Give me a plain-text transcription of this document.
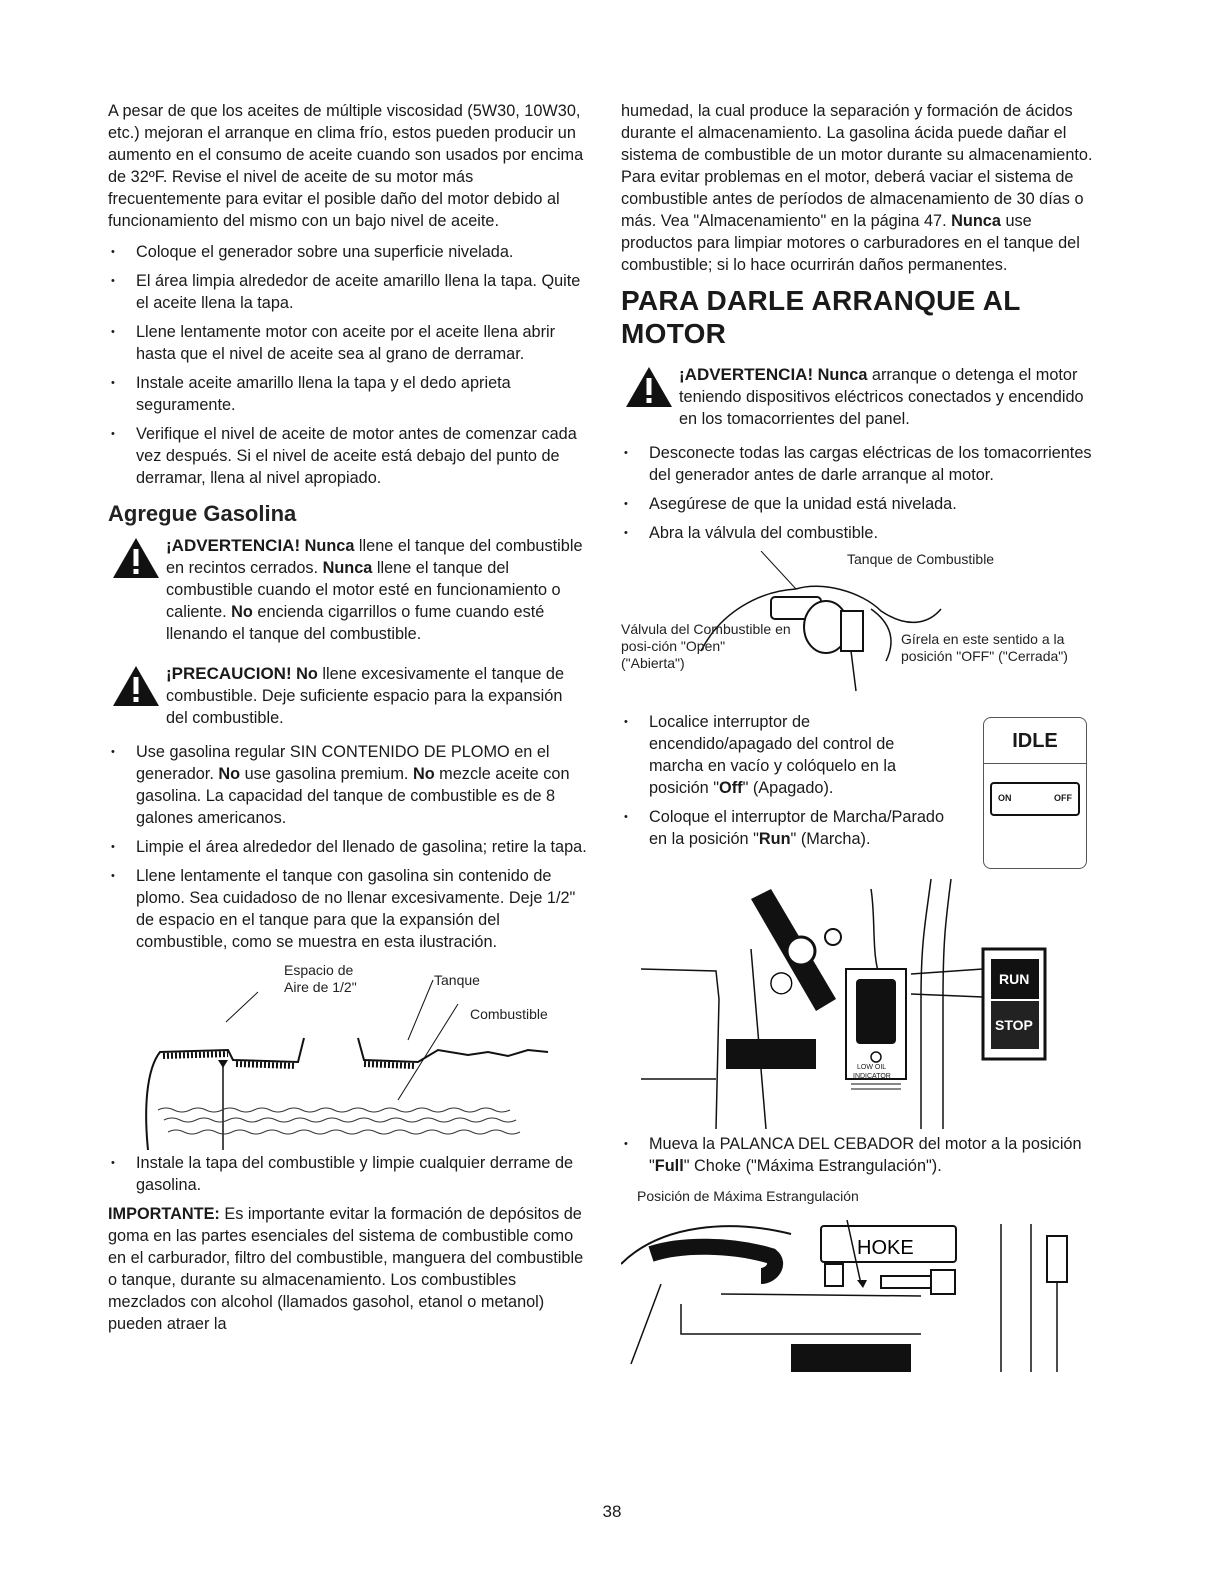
A pesar de que los aceites de múltiple viscosidad (5W30, 10W30, etc.) mejoran el arranque en clima frío, estos pueden producir un aumento en el consumo de aceite cuando son usados por encima de 32ºF. Revise el nivel de aceite de su motor más frecuentemente para evitar el posible daño del motor debido al funcionamiento del mismo con un bajo nivel de aceite.

• Coloque el generador sobre una superficie nivelada.
• El área limpia alrededor de aceite amarillo llena la tapa. Quite el aceite llena la tapa.
• Llene lentamente motor con aceite por el aceite llena abrir hasta que el nivel de aceite sea al grano de derramar.
• Instale aceite amarillo llena la tapa y el dedo aprieta seguramente.
• Verifique el nivel de aceite de motor antes de comenzar cada vez después. Si el nivel de aceite está debajo del punto de derramar, llena al nivel apropiado.
Agregue Gasolina
¡ADVERTENCIA! Nunca llene el tanque del combustible en recintos cerrados. Nunca llene el tanque del combustible cuando el motor esté en funcionamiento o caliente. No encienda cigarrillos o fume cuando esté llenando el tanque del combustible.
¡PRECAUCION! No llene excesivamente el tanque de combustible. Deje suficiente espacio para la expansión del combustible.
• Use gasolina regular SIN CONTENIDO DE PLOMO en el generador. No use gasolina premium. No mezcle aceite con gasolina. La capacidad del tanque de combustible es de 8 galones americanos.
• Limpie el área alrededor del llenado de gasolina; retire la tapa.
• Llene lentamente el tanque con gasolina sin contenido de plomo. Sea cuidadoso de no llenar excesivamente. Deje 1/2" de espacio en el tanque para que la expansión del combustible, como se muestra en esta ilustración.
Espacio de Aire de 1/2"	Tanque
Combustible
• Instale la tapa del combustible y limpie cualquier derrame de gasolina.

IMPORTANTE: Es importante evitar la formación de depósitos de goma en las partes esenciales del sistema de combustible como en el carburador, filtro del combustible, manguera del combustible o tanque, durante su almacenamiento. Los combustibles mezclados con alcohol (llamados gasohol, etanol o metanol) pueden atraer la

humedad, la cual produce la separación y formación de ácidos durante el almacenamiento. La gasolina ácida puede dañar el sistema de combustible de un motor durante su almacenamiento. Para evitar problemas en el motor, deberá vaciar el sistema de combustible antes de períodos de almacenamiento de 30 días o más. Vea "Almacenamiento" en la página 47. Nunca use productos para limpiar motores o carburadores en el tanque del combustible; si lo hace ocurrirán daños permanentes.

PARA DARLE ARRANQUE AL MOTOR
¡ADVERTENCIA! Nunca arranque o detenga el motor teniendo dispositivos eléctricos conectados y encendido en los tomacorrientes del panel.
• Desconecte todas las cargas eléctricas de los tomacorrientes del generador antes de darle arranque al motor.
• Asegúrese de que la unidad está nivelada.
• Abra la válvula del combustible.
Tanque de Combustible
Válvula del Combustible en posi-ción "Open" ("Abierta")
Gírela en este sentido a la posición "OFF" ("Cerrada")
• Localice interruptor de encendido/apagado del control de marcha en vacío y colóquelo en la posición "Off" (Apagado).
• Coloque el interruptor de Marcha/Parado en la posición "Run" (Marcha).
IDLE
ON	OFF
◯	RUN
STOP
LOW OIL
INDICATOR
• Mueva la PALANCA DEL CEBADOR del motor a la posición "Full" Choke ("Máxima Estrangulación").
Posición de Máxima Estrangulación
HOKE
38
